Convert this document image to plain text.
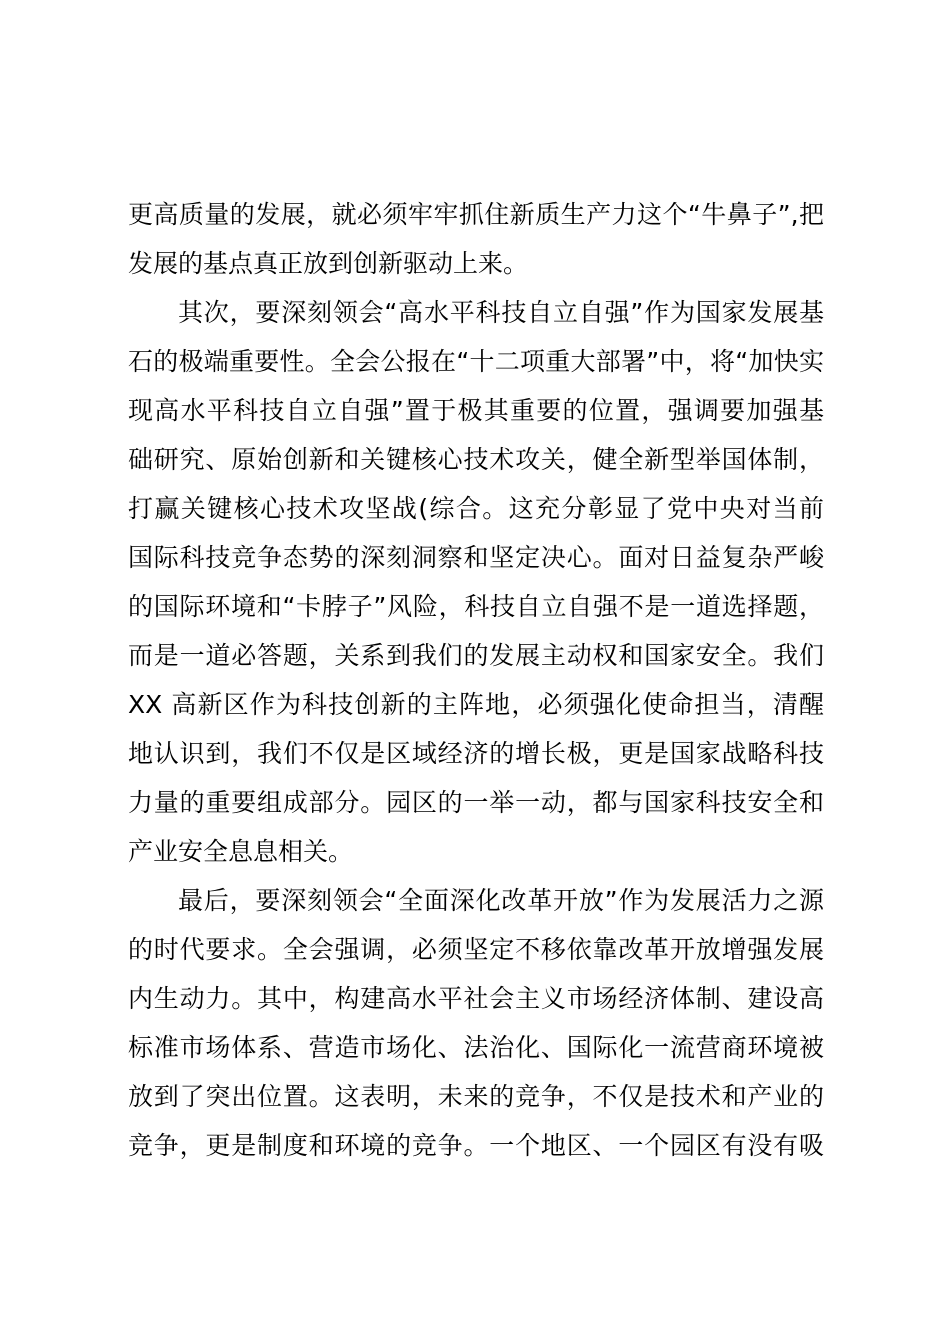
更高质量的发展，就必须牢牢抓住新质生产力这个“牛鼻子”,把
发展的基点真正放到创新驱动上来。
其次，要深刻领会“高水平科技自立自强”作为国家发展基
石的极端重要性。全会公报在“十二项重大部署”中，将“加快实
现高水平科技自立自强”置于极其重要的位置，强调要加强基
础研究、原始创新和关键核心技术攻关，健全新型举国体制，
打赢关键核心技术攻坚战(综合。这充分彰显了党中央对当前
国际科技竞争态势的深刻洞察和坚定决心。面对日益复杂严峻
的国际环境和“卡脖子”风险，科技自立自强不是一道选择题，
而是一道必答题，关系到我们的发展主动权和国家安全。我们
XX 高新区作为科技创新的主阵地，必须强化使命担当，清醒
地认识到，我们不仅是区域经济的增长极，更是国家战略科技
力量的重要组成部分。园区的一举一动，都与国家科技安全和
产业安全息息相关。
最后，要深刻领会“全面深化改革开放”作为发展活力之源
的时代要求。全会强调，必须坚定不移依靠改革开放增强发展
内生动力。其中，构建高水平社会主义市场经济体制、建设高
标准市场体系、营造市场化、法治化、国际化一流营商环境被
放到了突出位置。这表明，未来的竞争，不仅是技术和产业的
竞争，更是制度和环境的竞争。一个地区、一个园区有没有吸
